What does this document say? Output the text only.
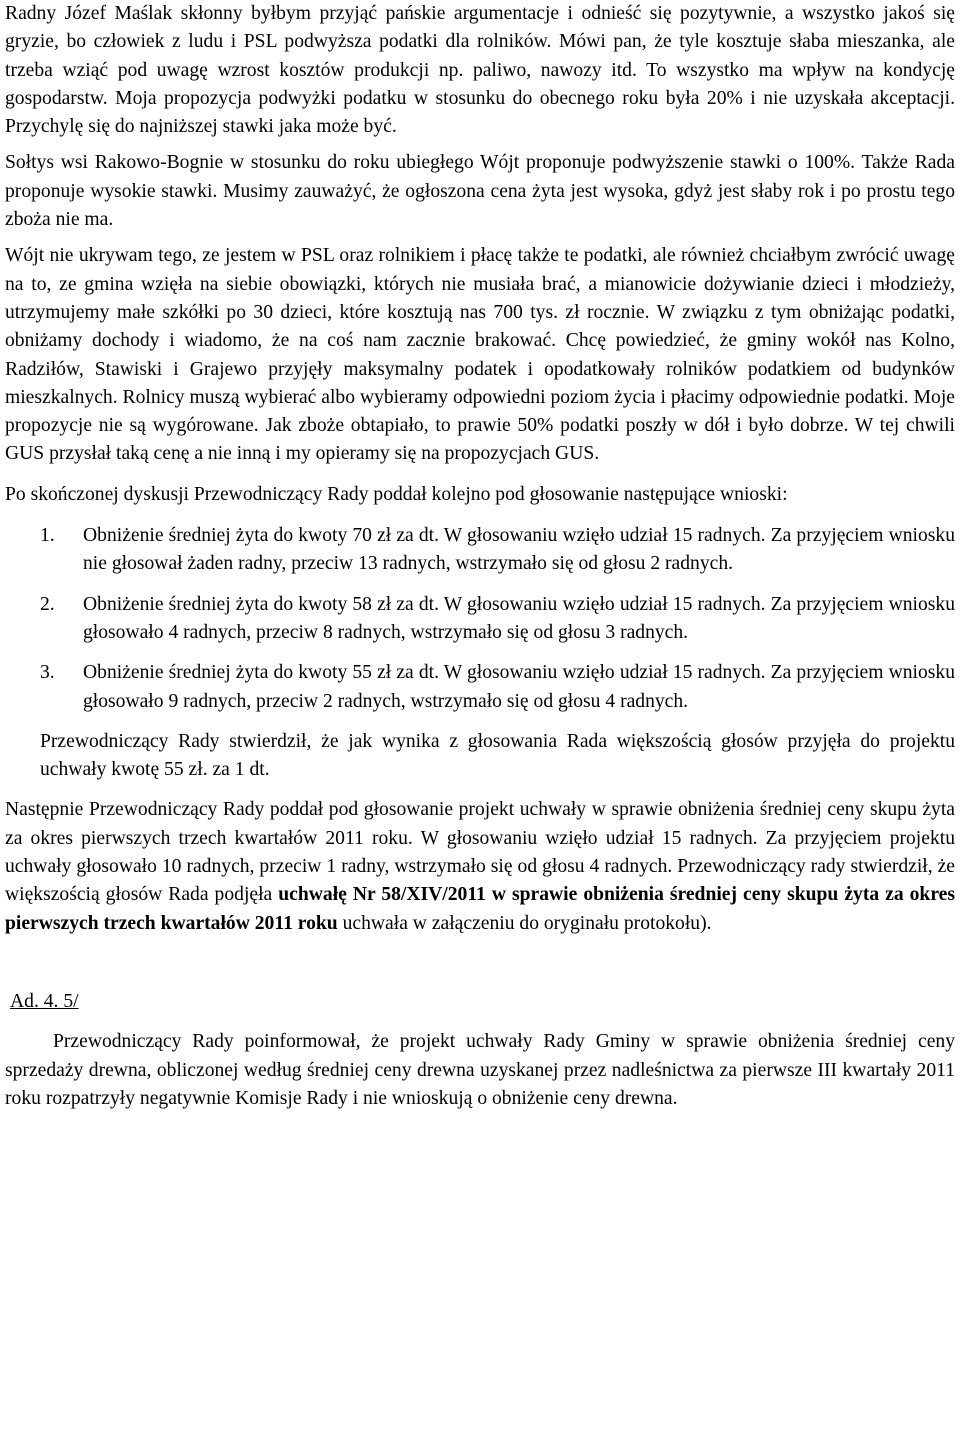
Radny Józef Maślak skłonny byłbym przyjąć pańskie argumentacje i odnieść się pozytywnie, a wszystko jakoś się gryzie, bo człowiek z ludu i PSL podwyższa podatki dla rolników. Mówi pan, że tyle kosztuje słaba mieszanka, ale trzeba wziąć pod uwagę wzrost kosztów produkcji np. paliwo, nawozy itd. To wszystko ma wpływ na kondycję gospodarstw. Moja propozycja podwyżki podatku w stosunku do obecnego roku była 20% i nie uzyskała akceptacji. Przychylę się do najniższej stawki jaka może być.

Sołtys wsi Rakowo-Bognie w stosunku do roku ubiegłego Wójt proponuje podwyższenie stawki o 100%. Także Rada proponuje wysokie stawki. Musimy zauważyć, że ogłoszona cena żyta jest wysoka, gdyż jest słaby rok i po prostu tego zboża nie ma.

Wójt nie ukrywam tego, ze jestem w PSL oraz rolnikiem i płacę także te podatki, ale również chciałbym zwrócić uwagę na to, ze gmina wzięła na siebie obowiązki, których nie musiała brać, a mianowicie dożywianie dzieci i młodzieży, utrzymujemy małe szkółki po 30 dzieci, które kosztują nas 700 tys. zł rocznie. W związku z tym obniżając podatki, obniżamy dochody i wiadomo, że na coś nam zacznie brakować. Chcę powiedzieć, że gminy wokół nas Kolno, Radziłów, Stawiski i Grajewo przyjęły maksymalny podatek i opodatkowały rolników podatkiem od budynków mieszkalnych. Rolnicy muszą wybierać albo wybieramy odpowiedni poziom życia i płacimy odpowiednie podatki. Moje propozycje nie są wygórowane. Jak zboże obtapiało, to prawie 50% podatki poszły w dół i było dobrze. W tej chwili GUS przysłał taką cenę a nie inną i my opieramy się na propozycjach GUS.

Po skończonej dyskusji Przewodniczący Rady poddał kolejno pod głosowanie następujące wnioski:

1.	Obniżenie średniej żyta do kwoty 70 zł za dt. W głosowaniu wzięło udział 15 radnych. Za przyjęciem wniosku nie głosował żaden radny, przeciw 13 radnych, wstrzymało się od głosu 2 radnych.
2.	Obniżenie średniej żyta do kwoty 58 zł za dt. W głosowaniu wzięło udział 15 radnych. Za przyjęciem wniosku głosowało 4 radnych, przeciw 8 radnych, wstrzymało się od głosu 3 radnych.
3.	Obniżenie średniej żyta do kwoty 55 zł za dt. W głosowaniu wzięło udział 15 radnych. Za przyjęciem wniosku głosowało 9 radnych, przeciw 2 radnych, wstrzymało się od głosu 4 radnych.

Przewodniczący Rady stwierdził, że jak wynika z głosowania Rada większością głosów przyjęła do projektu uchwały kwotę 55 zł. za 1 dt.

Następnie Przewodniczący Rady poddał pod głosowanie projekt uchwały w sprawie obniżenia średniej ceny skupu żyta za okres pierwszych trzech kwartałów 2011 roku. W głosowaniu wzięło udział 15 radnych. Za przyjęciem projektu uchwały głosowało 10 radnych, przeciw 1 radny, wstrzymało się od głosu 4 radnych. Przewodniczący rady stwierdził, że większością głosów Rada podjęła uchwałę Nr 58/XIV/2011 w sprawie obniżenia średniej ceny skupu żyta za okres pierwszych trzech kwartałów 2011 roku uchwała w załączeniu do oryginału protokołu).

Ad. 4. 5/

Przewodniczący Rady poinformował, że projekt uchwały Rady Gminy w sprawie obniżenia średniej ceny sprzedaży drewna, obliczonej według średniej ceny drewna uzyskanej przez nadleśnictwa za pierwsze III kwartały 2011 roku rozpatrzyły negatywnie Komisje Rady i nie wnioskują o obniżenie ceny drewna.
